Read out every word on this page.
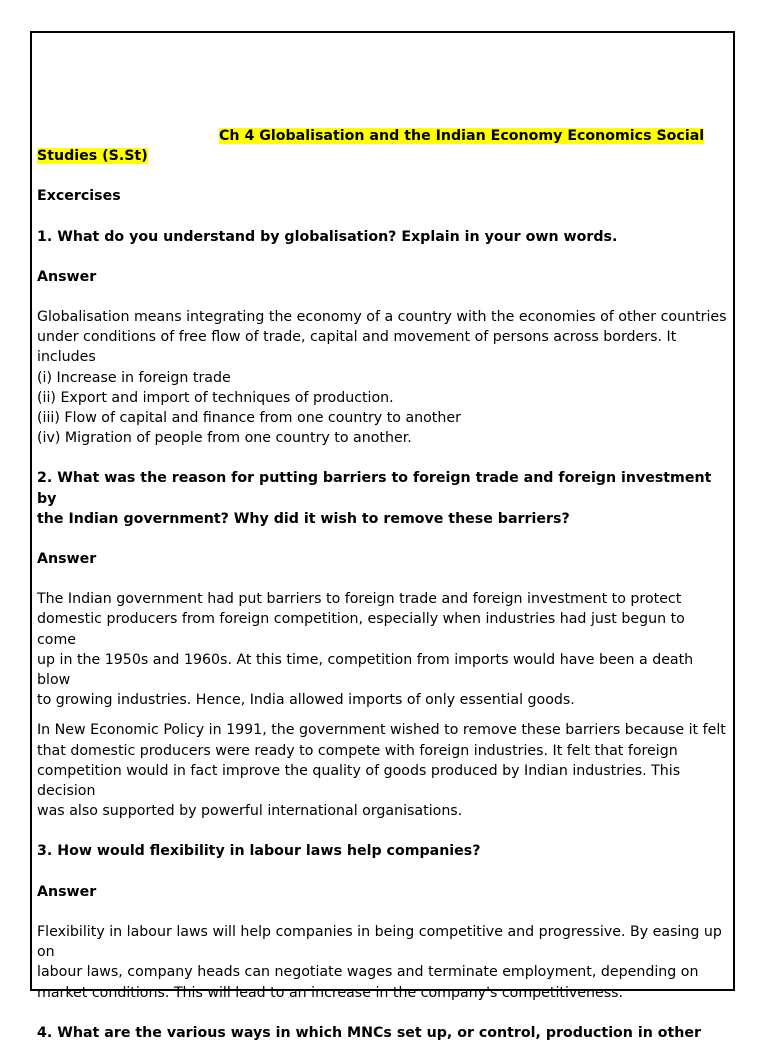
Ch 4 Globalisation and the Indian Economy Economics Social

Studies (S.St)

Excercises

1. What do you understand by globalisation? Explain in your own words.

Answer

Globalisation means integrating the economy of a country with the economies of other countries

under conditions of free flow of trade, capital and movement of persons across borders. It includes

(i) Increase in foreign trade

(ii) Export and import of techniques of production.

(iii) Flow of capital and finance from one country to another

(iv) Migration of people from one country to another.

2. What was the reason for putting barriers to foreign trade and foreign investment by

the Indian government? Why did it wish to remove these barriers?

Answer

The Indian government had put barriers to foreign trade and foreign investment to protect

domestic producers from foreign competition, especially when industries had just begun to come

up in the 1950s and 1960s. At this time, competition from imports would have been a death blow

to growing industries. Hence, India allowed imports of only essential goods.

In New Economic Policy in 1991, the government wished to remove these barriers because it felt

that domestic producers were ready to compete with foreign industries. It felt that foreign

competition would in fact improve the quality of goods produced by Indian industries. This decision

was also supported by powerful international organisations.

3. How would flexibility in labour laws help companies?

Answer

Flexibility in labour laws will help companies in being competitive and progressive. By easing up on

labour laws, company heads can negotiate wages and terminate employment, depending on

market conditions. This will lead to an increase in the company's competitiveness.

4. What are the various ways in which MNCs set up, or control, production in other
